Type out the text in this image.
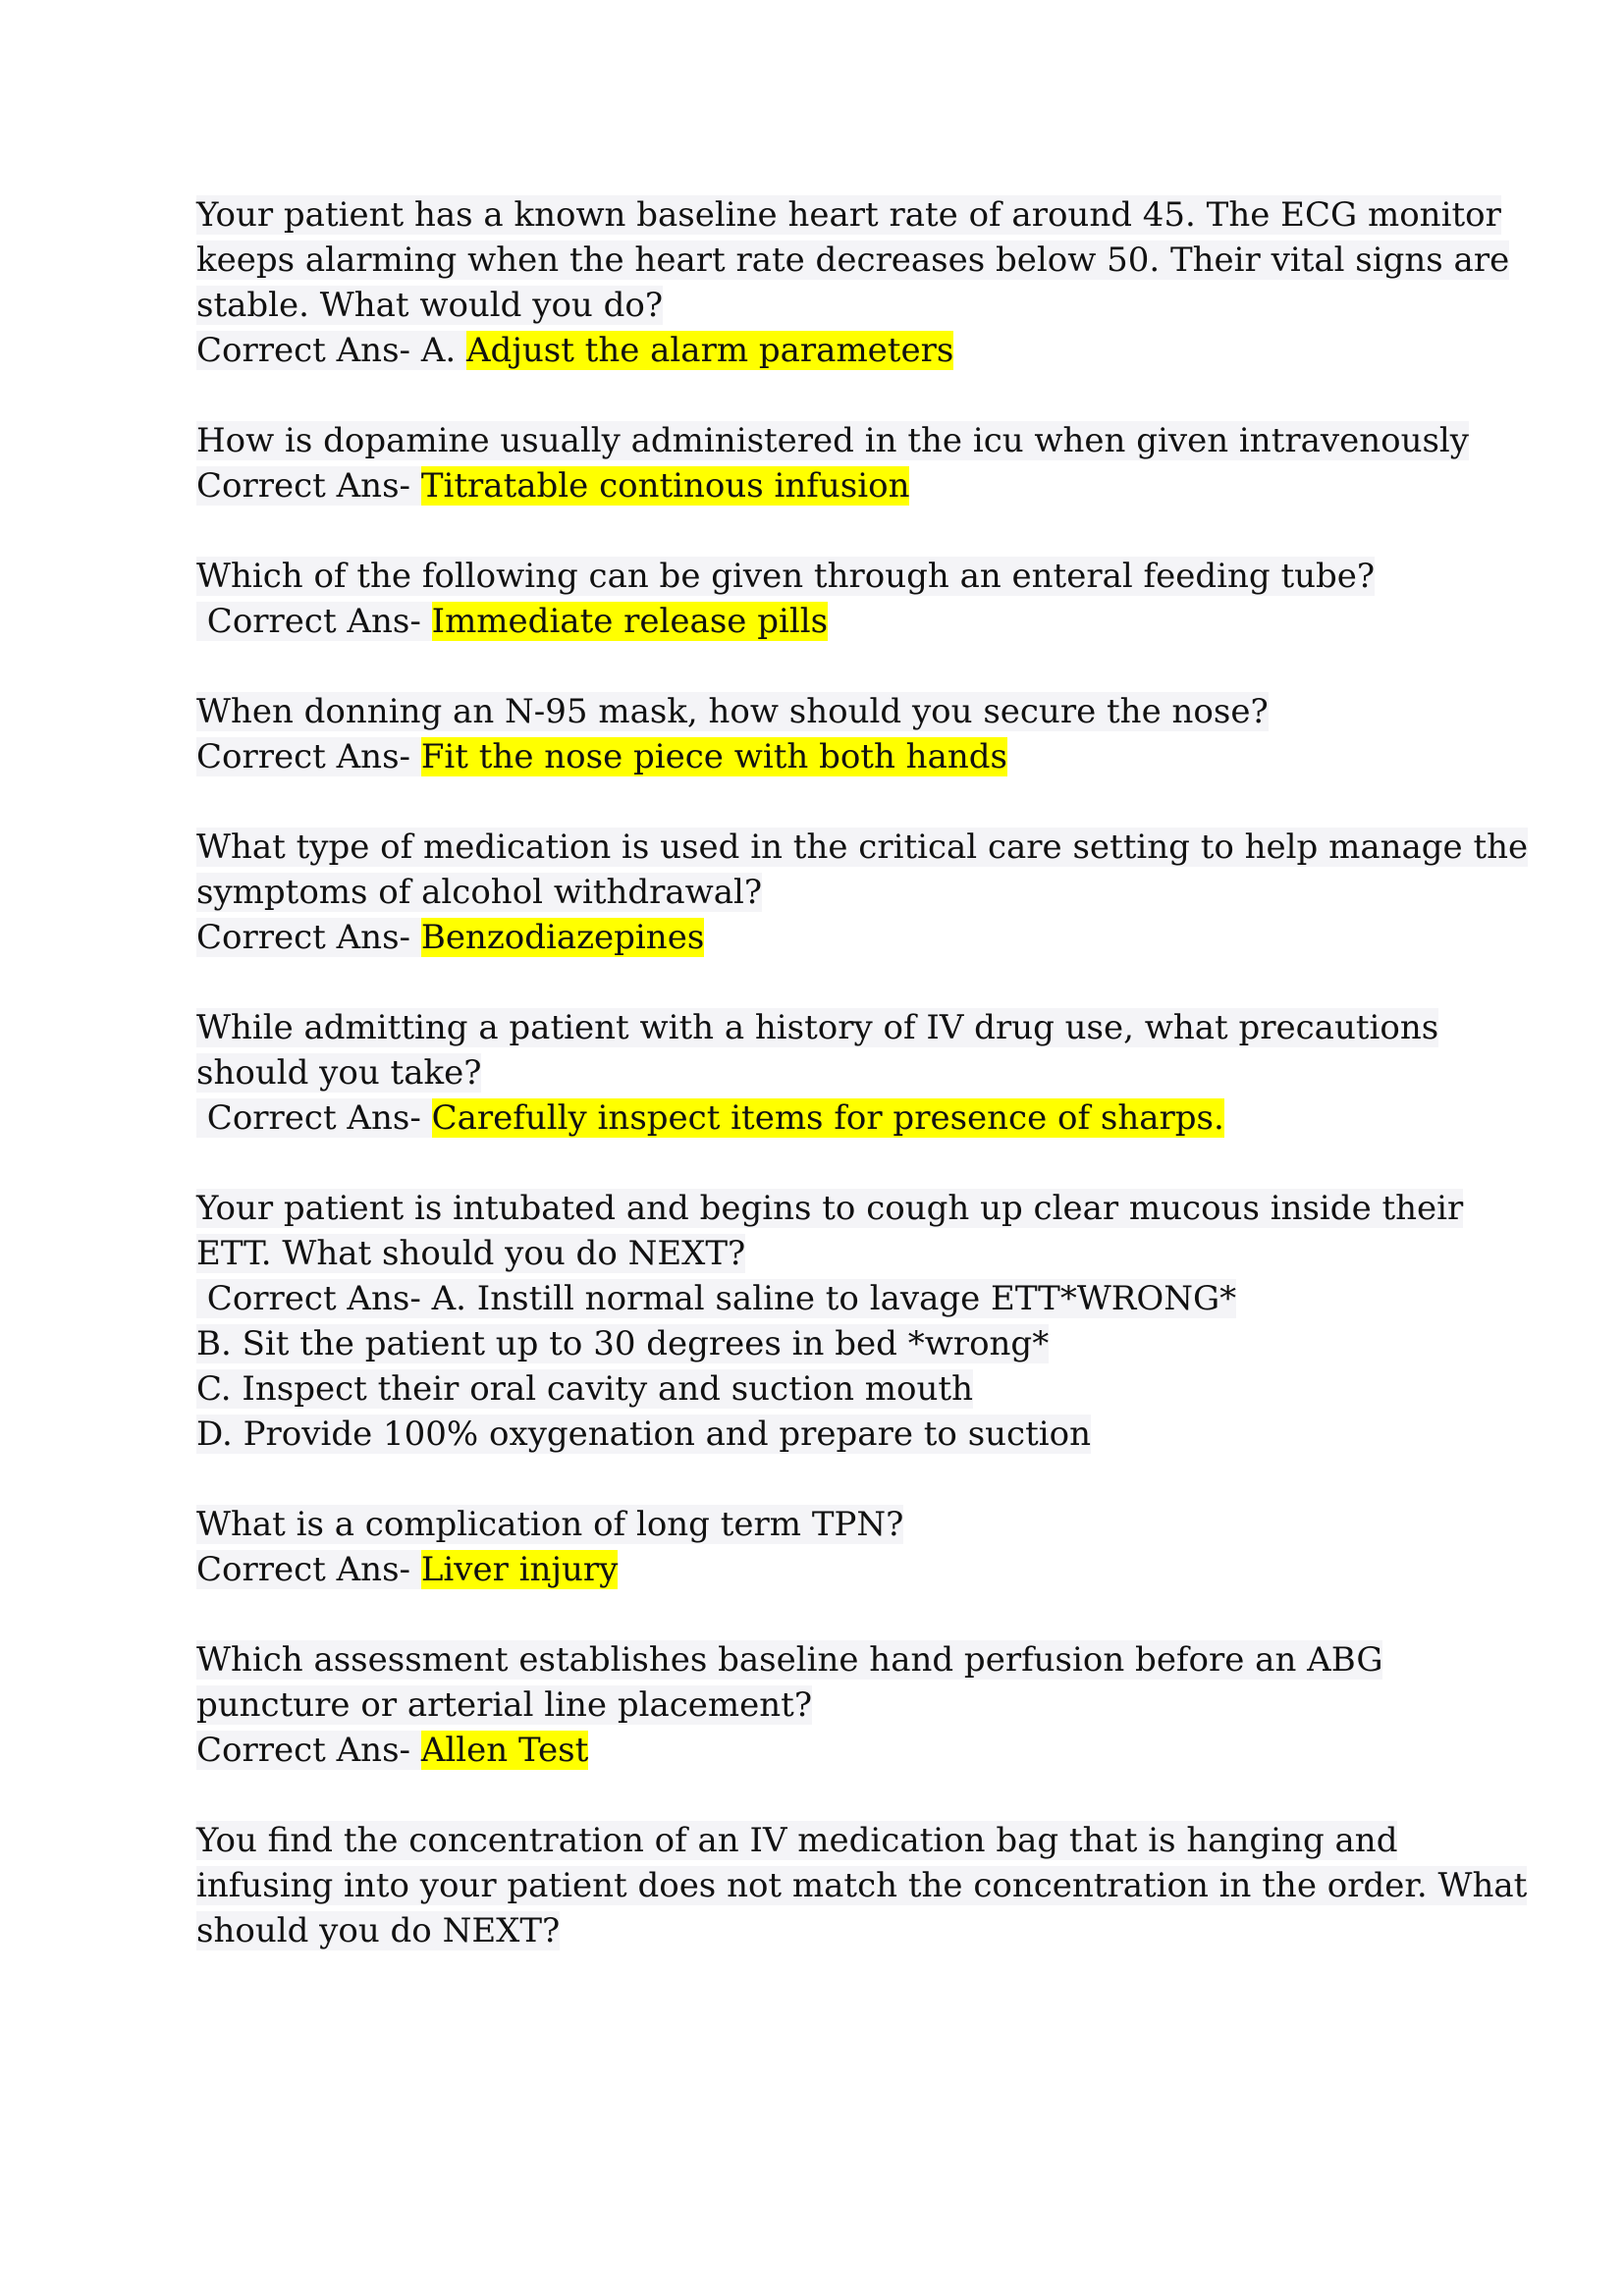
Your patient has a known baseline heart rate of around 45. The ECG monitor
keeps alarming when the heart rate decreases below 50. Their vital signs are
stable. What would you do?
Correct Ans- A. Adjust the alarm parameters
How is dopamine usually administered in the icu when given intravenously
Correct Ans- Titratable continous infusion
Which of the following can be given through an enteral feeding tube?
Correct Ans- Immediate release pills
When donning an N-95 mask, how should you secure the nose?
Correct Ans- Fit the nose piece with both hands
What type of medication is used in the critical care setting to help manage the
symptoms of alcohol withdrawal?
Correct Ans- Benzodiazepines
While admitting a patient with a history of IV drug use, what precautions
should you take?
Correct Ans- Carefully inspect items for presence of sharps.
Your patient is intubated and begins to cough up clear mucous inside their
ETT. What should you do NEXT?
Correct Ans- A. Instill normal saline to lavage ETT*WRONG*
B. Sit the patient up to 30 degrees in bed *wrong*
C. Inspect their oral cavity and suction mouth
D. Provide 100% oxygenation and prepare to suction
What is a complication of long term TPN?
Correct Ans- Liver injury
Which assessment establishes baseline hand perfusion before an ABG
puncture or arterial line placement?
Correct Ans- Allen Test
You find the concentration of an IV medication bag that is hanging and
infusing into your patient does not match the concentration in the order. What
should you do NEXT?
